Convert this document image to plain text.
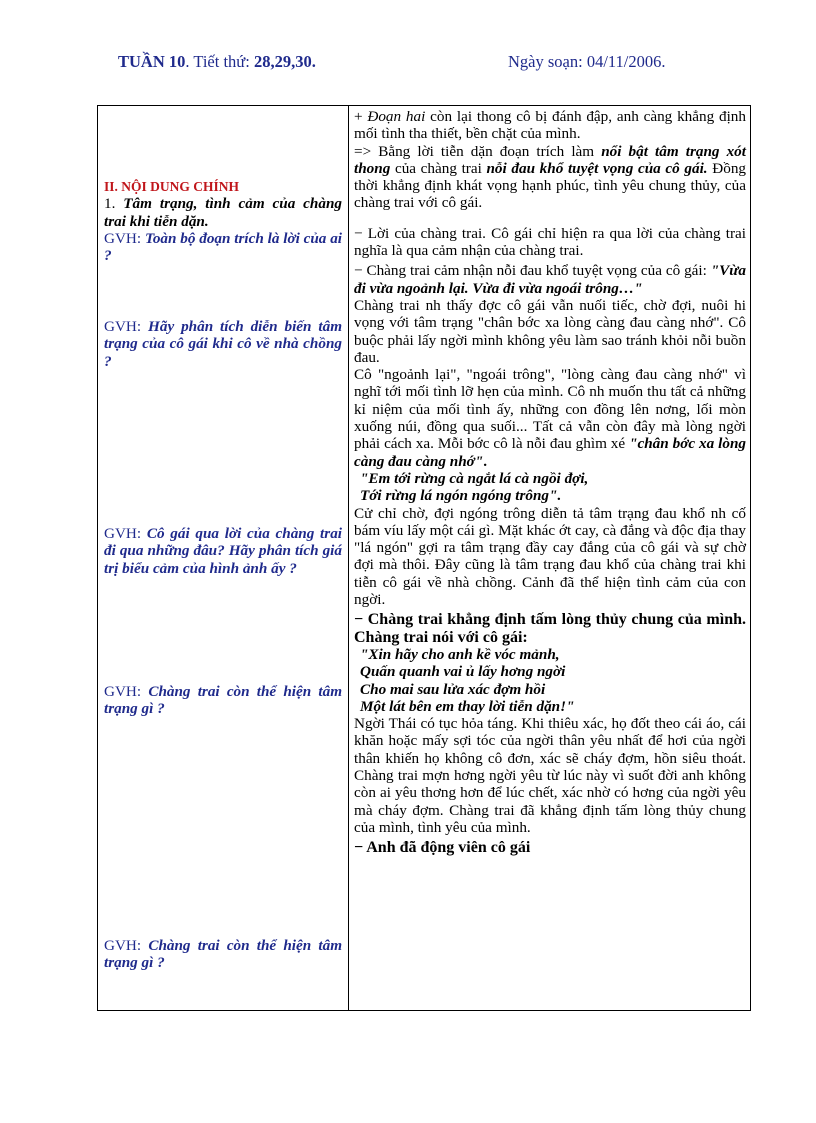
TUẦN 10. Tiết thứ: 28,29,30.	Ngày soạn: 04/11/2006.

II. NỘI DUNG CHÍNH

1. Tâm trạng, tình cảm của chàng trai khi tiễn dặn.

GVH: Toàn bộ đoạn trích là lời của ai ?

GVH: Hãy phân tích diễn biến tâm trạng của cô gái khi cô về nhà chồng ?

GVH: Cô gái qua lời của chàng trai đi qua những đâu? Hãy phân tích giá trị biểu cảm của hình ảnh ấy ?

GVH: Chàng trai còn thể hiện tâm trạng gì ?

GVH: Chàng trai còn thể hiện tâm trạng gì ?

+ Đoạn hai còn lại thong cô bị đánh đập, anh càng khẳng định mối tình tha thiết, bền chặt của mình.

=> Bằng lời tiễn dặn đoạn trích làm nổi bật tâm trạng xót thong của chàng trai nỗi đau khổ tuyệt vọng của cô gái. Đồng thời khẳng định khát vọng hạnh phúc, tình yêu chung thủy, của chàng trai với cô gái.

− Lời của chàng trai. Cô gái chỉ hiện ra qua lời của chàng trai nghĩa là qua cảm nhận của chàng trai.

− Chàng trai cảm nhận nỗi đau khổ tuyệt vọng của cô gái: "Vừa đi vừa ngoảnh lại. Vừa đi vừa ngoái trông…"

Chàng trai nh thấy đợc cô gái vẫn nuối tiếc, chờ đợi, nuôi hi vọng với tâm trạng "chân bớc xa lòng càng đau càng nhớ". Cô buộc phải lấy ngời mình không yêu làm sao tránh khỏi nỗi buồn đau.

Cô "ngoảnh lại", "ngoái trông", "lòng càng đau càng nhớ" vì nghĩ tới mối tình lỡ hẹn của mình. Cô nh muốn thu tất cả những kỉ niệm của mối tình ấy, những con đồng lên nơng, lối mòn xuống núi, đồng qua suối... Tất cả vẫn còn đây mà lòng ngời phải cách xa. Mỗi bớc cô là nỗi đau ghìm xé "chân bớc xa lòng càng đau càng nhớ".

"Em tới rừng cà ngắt lá cà ngồi đợi,

Tới rừng lá ngón ngóng trông".

Cử chỉ chờ, đợi ngóng trông diễn tả tâm trạng đau khổ nh cố bám víu lấy một cái gì. Mặt khác ớt cay, cà đắng và độc địa thay "lá ngón" gợi ra tâm trạng đầy cay đắng của cô gái và sự chờ đợi mà thôi. Đây cũng là tâm trạng đau khổ của chàng trai khi tiễn cô gái về nhà chồng. Cảnh đã thể hiện tình cảm của con ngời.

− Chàng trai khẳng định tấm lòng thủy chung của mình. Chàng trai nói với cô gái:

"Xin hãy cho anh kề vóc mảnh,

Quấn quanh vai ủ lấy hơng ngời

Cho mai sau lửa xác đợm hồi

Một lát bên em thay lời tiễn dặn!"

Ngời Thái có tục hỏa táng. Khi thiêu xác, họ đốt theo cái áo, cái khăn hoặc mấy sợi tóc của ngời thân yêu nhất để hơi của ngời thân khiến họ không cô đơn, xác sẽ cháy đợm, hồn siêu thoát. Chàng trai mợn hơng ngời yêu từ lúc này vì suốt đời anh không còn ai yêu thơng hơn để lúc chết, xác nhờ có hơng của ngời yêu mà cháy đợm. Chàng trai đã khẳng định tấm lòng thủy chung của mình, tình yêu của mình.

− Anh đã động viên cô gái
